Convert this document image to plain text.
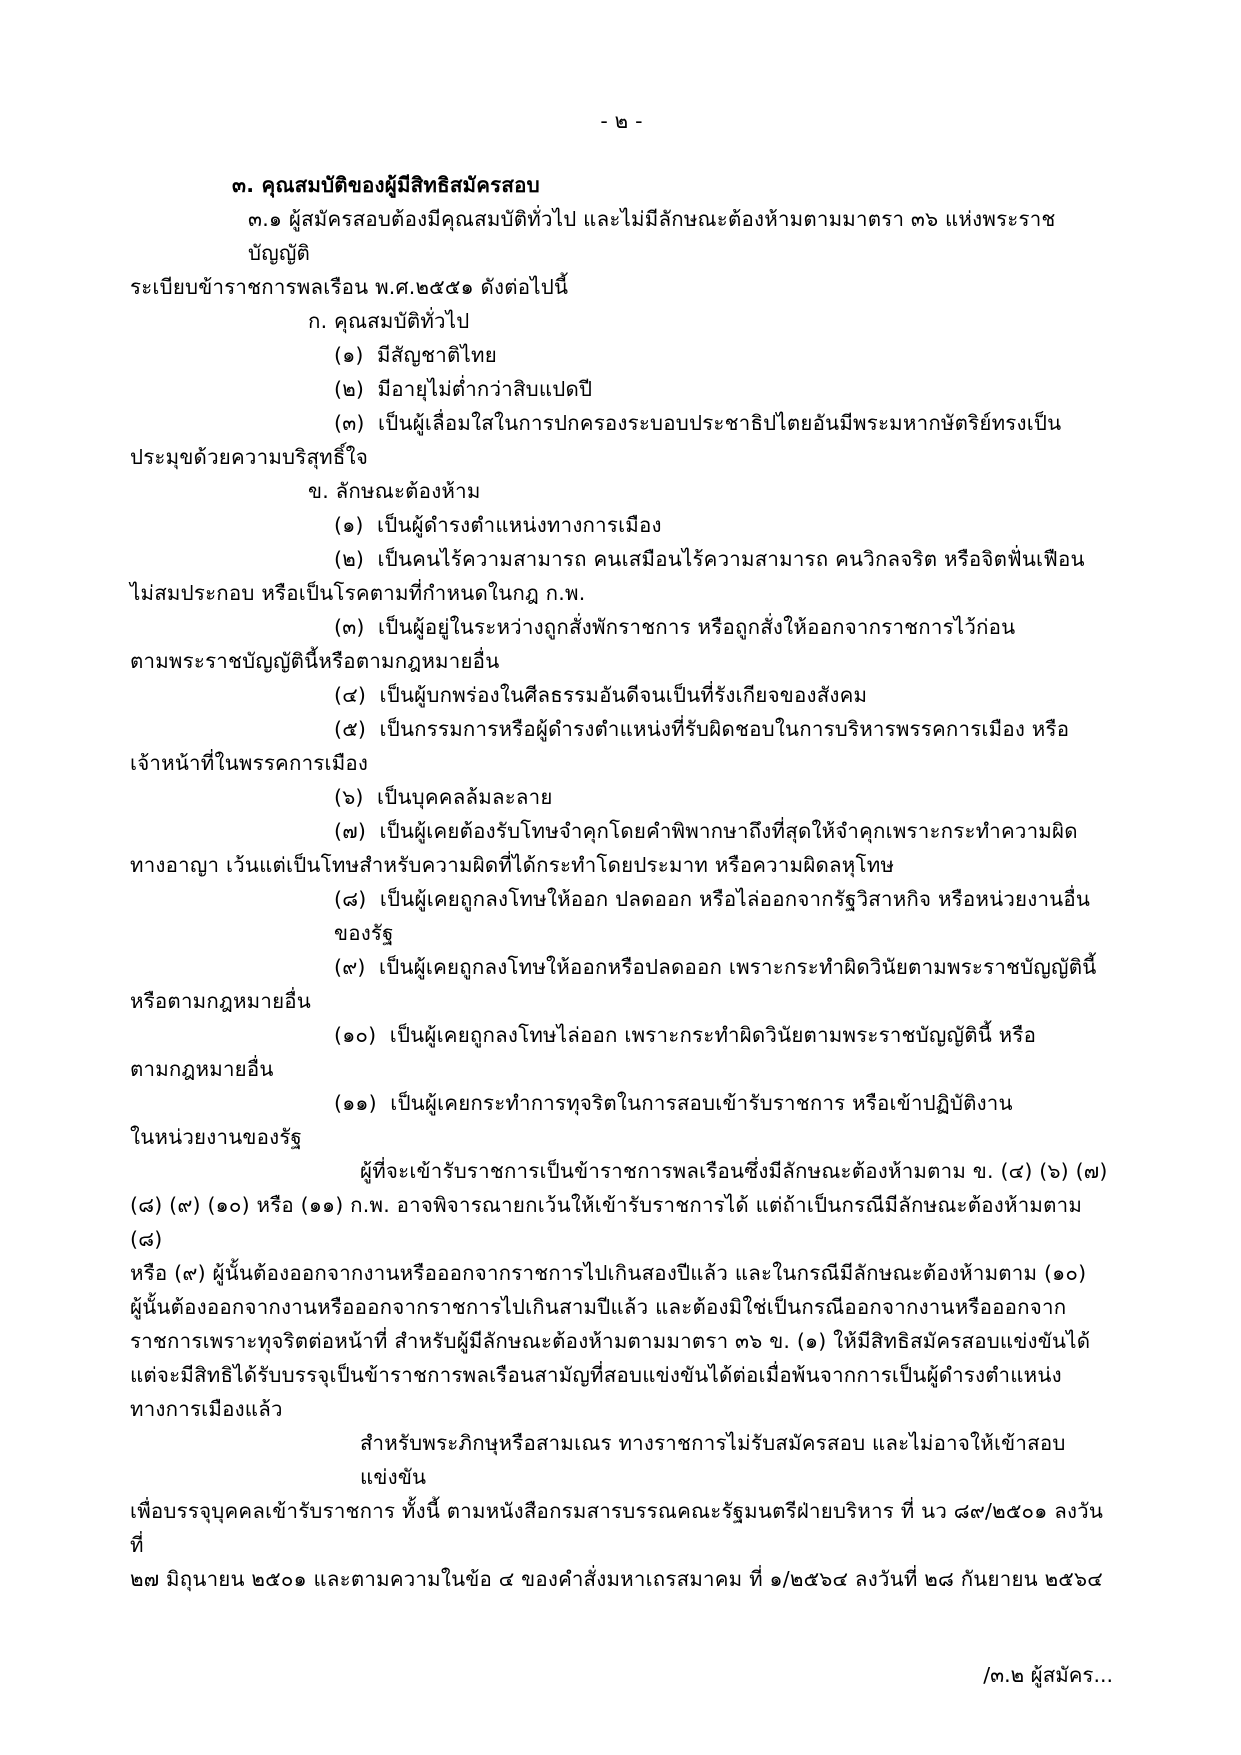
- ๒ -
๓. คุณสมบัติของผู้มีสิทธิสมัครสอบ
๓.๑ ผู้สมัครสอบต้องมีคุณสมบัติทั่วไป และไม่มีลักษณะต้องห้ามตามมาตรา ๓๖ แห่งพระราชบัญญัติ
ระเบียบข้าราชการพลเรือน พ.ศ.๒๕๕๑ ดังต่อไปนี้
ก. คุณสมบัติทั่วไป
(๑)  มีสัญชาติไทย
(๒)  มีอายุไม่ต่ำกว่าสิบแปดปี
(๓)  เป็นผู้เลื่อมใสในการปกครองระบอบประชาธิปไตยอันมีพระมหากษัตริย์ทรงเป็น
ประมุขด้วยความบริสุทธิ์ใจ
ข. ลักษณะต้องห้าม
(๑)  เป็นผู้ดำรงตำแหน่งทางการเมือง
(๒)  เป็นคนไร้ความสามารถ คนเสมือนไร้ความสามารถ คนวิกลจริต หรือจิตฟั่นเฟือน
ไม่สมประกอบ หรือเป็นโรคตามที่กำหนดในกฎ ก.พ.
(๓)  เป็นผู้อยู่ในระหว่างถูกสั่งพักราชการ หรือถูกสั่งให้ออกจากราชการไว้ก่อน
ตามพระราชบัญญัตินี้หรือตามกฎหมายอื่น
(๔)  เป็นผู้บกพร่องในศีลธรรมอันดีจนเป็นที่รังเกียจของสังคม
(๕)  เป็นกรรมการหรือผู้ดำรงตำแหน่งที่รับผิดชอบในการบริหารพรรคการเมือง หรือ
เจ้าหน้าที่ในพรรคการเมือง
(๖)  เป็นบุคคลล้มละลาย
(๗)  เป็นผู้เคยต้องรับโทษจำคุกโดยคำพิพากษาถึงที่สุดให้จำคุกเพราะกระทำความผิด
ทางอาญา เว้นแต่เป็นโทษสำหรับความผิดที่ได้กระทำโดยประมาท หรือความผิดลหุโทษ
(๘)  เป็นผู้เคยถูกลงโทษให้ออก ปลดออก หรือไล่ออกจากรัฐวิสาหกิจ หรือหน่วยงานอื่นของรัฐ
(๙)  เป็นผู้เคยถูกลงโทษให้ออกหรือปลดออก เพราะกระทำผิดวินัยตามพระราชบัญญัตินี้
หรือตามกฎหมายอื่น
(๑๐)  เป็นผู้เคยถูกลงโทษไล่ออก เพราะกระทำผิดวินัยตามพระราชบัญญัตินี้ หรือ
ตามกฎหมายอื่น
(๑๑)  เป็นผู้เคยกระทำการทุจริตในการสอบเข้ารับราชการ หรือเข้าปฏิบัติงาน
ในหน่วยงานของรัฐ
ผู้ที่จะเข้ารับราชการเป็นข้าราชการพลเรือนซึ่งมีลักษณะต้องห้ามตาม ข. (๔) (๖) (๗)
(๘) (๙) (๑๐) หรือ (๑๑) ก.พ. อาจพิจารณายกเว้นให้เข้ารับราชการได้ แต่ถ้าเป็นกรณีมีลักษณะต้องห้ามตาม (๘)
หรือ (๙) ผู้นั้นต้องออกจากงานหรือออกจากราชการไปเกินสองปีแล้ว และในกรณีมีลักษณะต้องห้ามตาม (๑๐)
ผู้นั้นต้องออกจากงานหรือออกจากราชการไปเกินสามปีแล้ว และต้องมิใช่เป็นกรณีออกจากงานหรือออกจาก
ราชการเพราะทุจริตต่อหน้าที่ สำหรับผู้มีลักษณะต้องห้ามตามมาตรา ๓๖ ข. (๑) ให้มีสิทธิสมัครสอบแข่งขันได้
แต่จะมีสิทธิได้รับบรรจุเป็นข้าราชการพลเรือนสามัญที่สอบแข่งขันได้ต่อเมื่อพ้นจากการเป็นผู้ดำรงตำแหน่ง
ทางการเมืองแล้ว
สำหรับพระภิกษุหรือสามเณร ทางราชการไม่รับสมัครสอบ และไม่อาจให้เข้าสอบแข่งขัน
เพื่อบรรจุบุคคลเข้ารับราชการ ทั้งนี้ ตามหนังสือกรมสารบรรณคณะรัฐมนตรีฝ่ายบริหาร ที่ นว ๘๙/๒๕๐๑ ลงวันที่
๒๗ มิถุนายน ๒๕๐๑ และตามความในข้อ ๔ ของคำสั่งมหาเถรสมาคม ที่ ๑/๒๕๖๔ ลงวันที่ ๒๘ กันยายน ๒๕๖๔
/๓.๒ ผู้สมัคร...
